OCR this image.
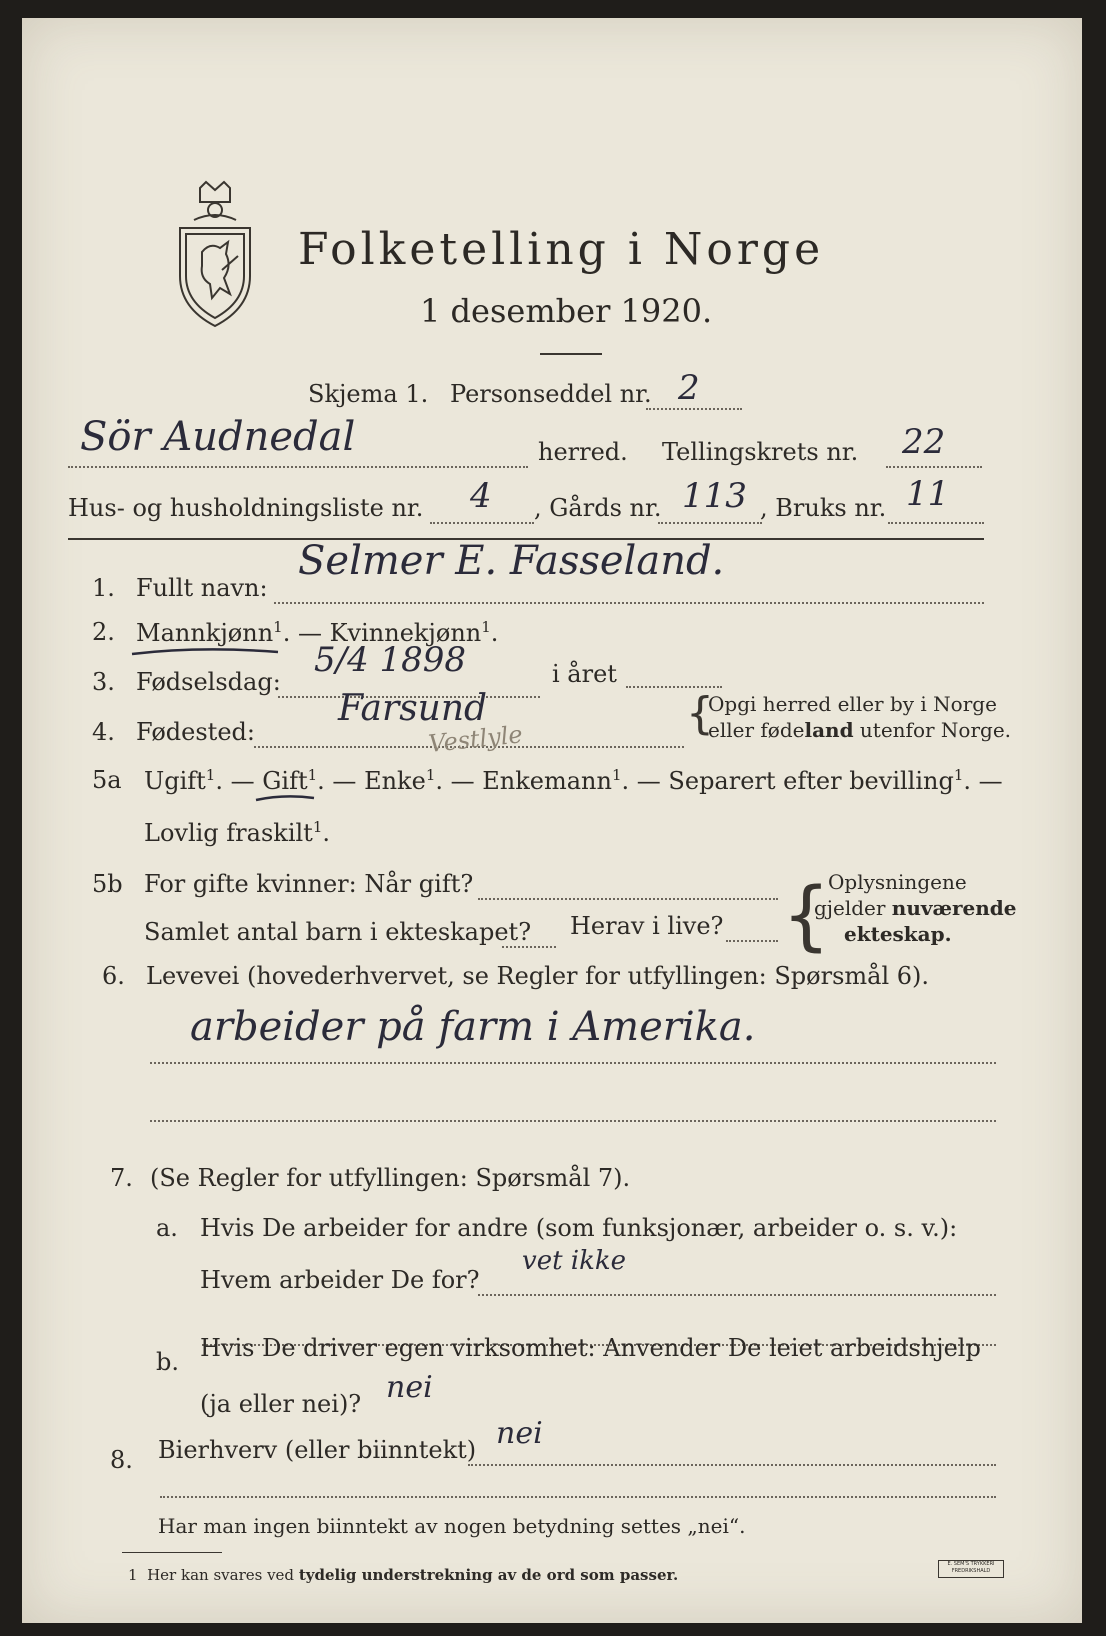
Folketelling i Norge
1 desember 1920.
Skjema 1. Personseddel nr. 2
Sör Audnedal	herred. Tellingskrets nr. 22
Hus- og husholdningsliste nr. 4 , Gårds nr. 113 , Bruks nr. 11
1. Fullt navn:
Selmer E. Fasseland.
2. Mannkjønn$^1$. — Kvinnekjønn$^1$.
3. Fødselsdag:
5/4 1898	i året
4. Fødested:
Farsund
Vestlyle
{
Opgi herred eller by i Norge
eller fødeland utenfor Norge.
5a Ugift$^1$. — Gift$^1$. — Enke$^1$. — Enkemann$^1$. — Separert efter bevilling$^1$. —
Lovlig fraskilt$^1$.
5b For gifte kvinner: Når gift?
Samlet antal barn i ekteskapet? Herav i live? {
Oplysningene
gjelder nuværende
ekteskap.
6. Levevei (hovederhvervet, se Regler for utfyllingen: Spørsmål 6).
arbeider på farm i Amerika.
7. (Se Regler for utfyllingen: Spørsmål 7).
a. Hvis De arbeider for andre (som funksjonær, arbeider o. s. v.):
Hvem arbeider De for?
vet ikke
b. Hvis De driver egen virksomhet: Anvender De leiet arbeidshjelp
(ja eller nei)? nei
8. Bierhverv (eller biinntekt) nei
Har man ingen biinntekt av nogen betydning settes „nei“.
1 Her kan svares ved tydelig understrekning av de ord som passer.
E. SEM'S TRYKKERI
FREDRIKSHALD
